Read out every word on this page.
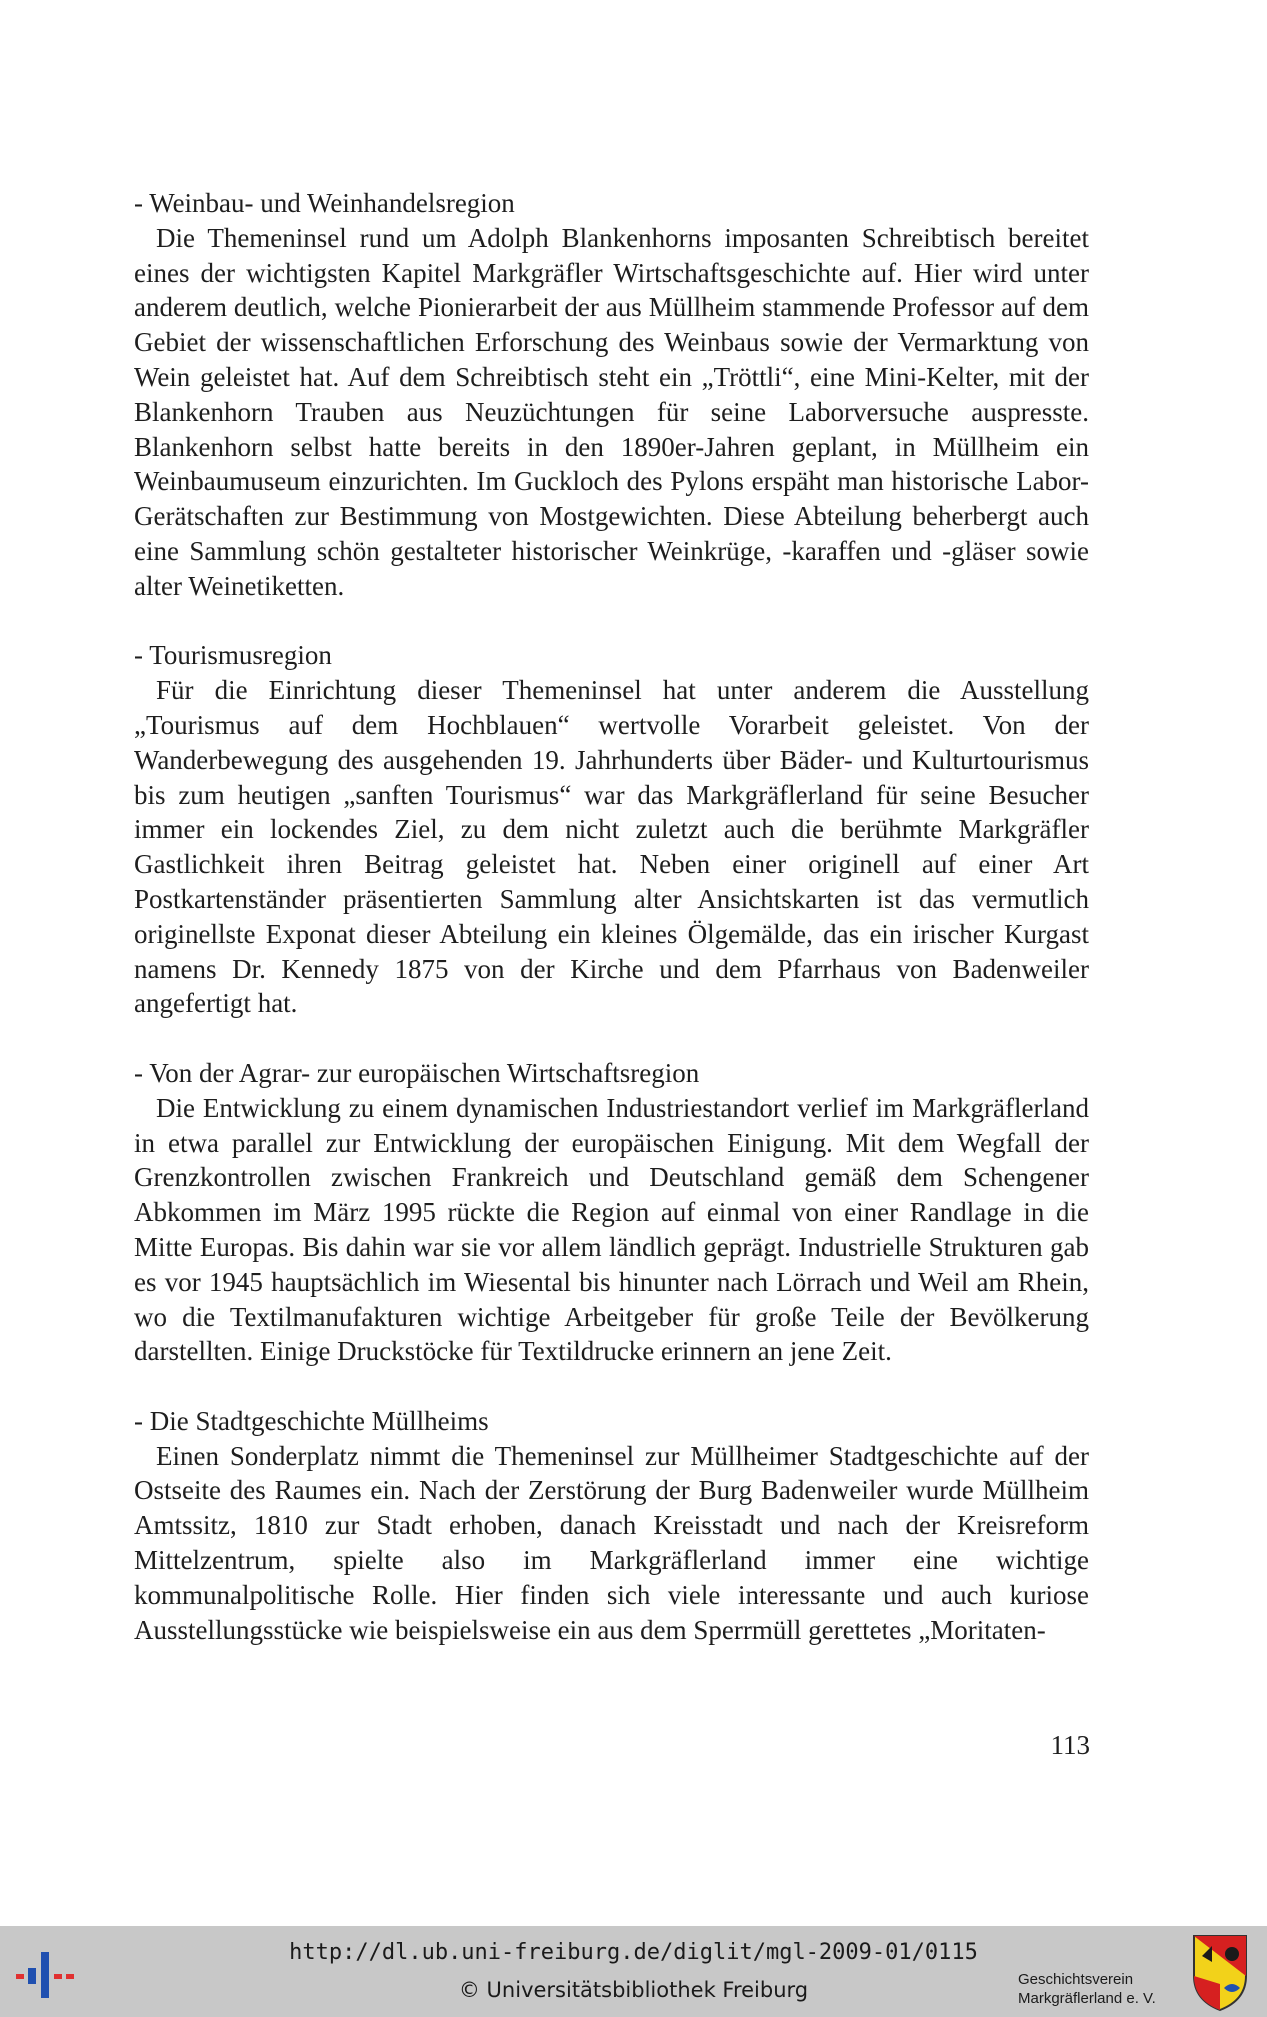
- Weinbau- und Weinhandelsregion

Die Themeninsel rund um Adolph Blankenhorns imposanten Schreibtisch bereitet eines der wichtigsten Kapitel Markgräfler Wirtschaftsgeschichte auf. Hier wird unter anderem deutlich, welche Pionierarbeit der aus Müllheim stammende Professor auf dem Gebiet der wissenschaftlichen Erforschung des Weinbaus sowie der Vermarktung von Wein geleistet hat. Auf dem Schreibtisch steht ein „Tröttli“, eine Mini-Kelter, mit der Blankenhorn Trauben aus Neuzüchtungen für seine Laborversuche auspresste. Blankenhorn selbst hatte bereits in den 1890er-Jahren geplant, in Müllheim ein Weinbaumuseum einzurichten. Im Guckloch des Pylons erspäht man historische Labor-Gerätschaften zur Bestimmung von Mostgewichten. Diese Abteilung beherbergt auch eine Sammlung schön gestalteter historischer Weinkrüge, -karaffen und -gläser sowie alter Weinetiketten.

- Tourismusregion

Für die Einrichtung dieser Themeninsel hat unter anderem die Ausstellung „Tourismus auf dem Hochblauen“ wertvolle Vorarbeit geleistet. Von der Wanderbewegung des ausgehenden 19. Jahrhunderts über Bäder- und Kulturtourismus bis zum heutigen „sanften Tourismus“ war das Markgräflerland für seine Besucher immer ein lockendes Ziel, zu dem nicht zuletzt auch die berühmte Markgräfler Gastlichkeit ihren Beitrag geleistet hat. Neben einer originell auf einer Art Postkartenständer präsentierten Sammlung alter Ansichtskarten ist das vermutlich originellste Exponat dieser Abteilung ein kleines Ölgemälde, das ein irischer Kurgast namens Dr. Kennedy 1875 von der Kirche und dem Pfarrhaus von Badenweiler angefertigt hat.

- Von der Agrar- zur europäischen Wirtschaftsregion

Die Entwicklung zu einem dynamischen Industriestandort verlief im Markgräflerland in etwa parallel zur Entwicklung der europäischen Einigung. Mit dem Wegfall der Grenzkontrollen zwischen Frankreich und Deutschland gemäß dem Schengener Abkommen im März 1995 rückte die Region auf einmal von einer Randlage in die Mitte Europas. Bis dahin war sie vor allem ländlich geprägt. Industrielle Strukturen gab es vor 1945 hauptsächlich im Wiesental bis hinunter nach Lörrach und Weil am Rhein, wo die Textilmanufakturen wichtige Arbeitgeber für große Teile der Bevölkerung darstellten. Einige Druckstöcke für Textildrucke erinnern an jene Zeit.

- Die Stadtgeschichte Müllheims

Einen Sonderplatz nimmt die Themeninsel zur Müllheimer Stadtgeschichte auf der Ostseite des Raumes ein. Nach der Zerstörung der Burg Badenweiler wurde Müllheim Amtssitz, 1810 zur Stadt erhoben, danach Kreisstadt und nach der Kreisreform Mittelzentrum, spielte also im Markgräflerland immer eine wichtige kommunalpolitische Rolle. Hier finden sich viele interessante und auch kuriose Ausstellungsstücke wie beispielsweise ein aus dem Sperrmüll gerettetes „Moritaten-

113
http://dl.ub.uni-freiburg.de/diglit/mgl-2009-01/0115
© Universitätsbibliothek Freiburg	Geschichtsverein
Markgräflerland e. V.
